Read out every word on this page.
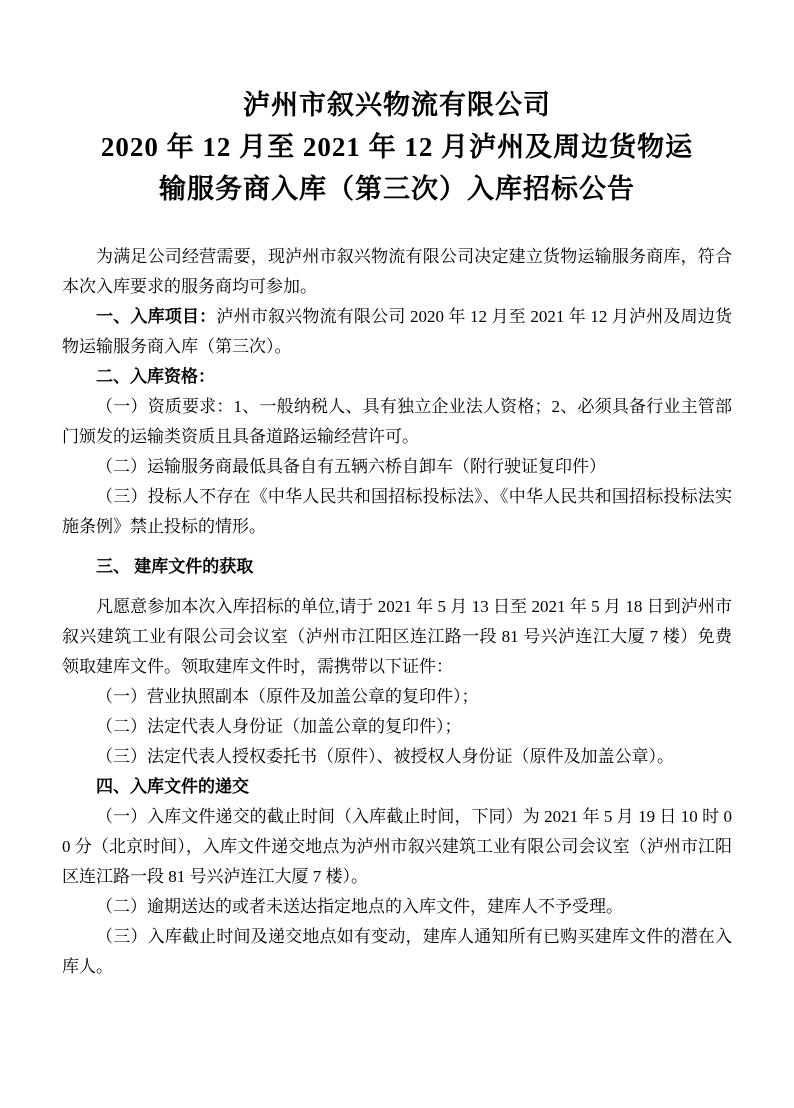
泸州市叙兴物流有限公司
2020 年 12 月至 2021 年 12 月泸州及周边货物运
输服务商入库（第三次）入库招标公告

为满足公司经营需要，现泸州市叙兴物流有限公司决定建立货物运输服务商库，符合本次入库要求的服务商均可参加。

一、入库项目：泸州市叙兴物流有限公司 2020 年 12 月至 2021 年 12 月泸州及周边货物运输服务商入库（第三次）。

二、入库资格：

（一）资质要求：1、一般纳税人、具有独立企业法人资格；2、必须具备行业主管部门颁发的运输类资质且具备道路运输经营许可。

（二）运输服务商最低具备自有五辆六桥自卸车（附行驶证复印件）

（三）投标人不存在《中华人民共和国招标投标法》、《中华人民共和国招标投标法实施条例》禁止投标的情形。

三、 建库文件的获取

凡愿意参加本次入库招标的单位,请于 2021 年 5 月 13 日至 2021 年 5 月 18 日到泸州市叙兴建筑工业有限公司会议室（泸州市江阳区连江路一段 81 号兴泸连江大厦 7 楼）免费领取建库文件。领取建库文件时，需携带以下证件：

（一）营业执照副本（原件及加盖公章的复印件）；

（二）法定代表人身份证（加盖公章的复印件）；

（三）法定代表人授权委托书（原件）、被授权人身份证（原件及加盖公章）。

四、入库文件的递交

（一）入库文件递交的截止时间（入库截止时间，下同）为 2021 年 5 月 19 日 10 时 00 分（北京时间），入库文件递交地点为泸州市叙兴建筑工业有限公司会议室（泸州市江阳区连江路一段 81 号兴泸连江大厦 7 楼）。

（二）逾期送达的或者未送达指定地点的入库文件，建库人不予受理。

（三）入库截止时间及递交地点如有变动，建库人通知所有已购买建库文件的潜在入库人。
